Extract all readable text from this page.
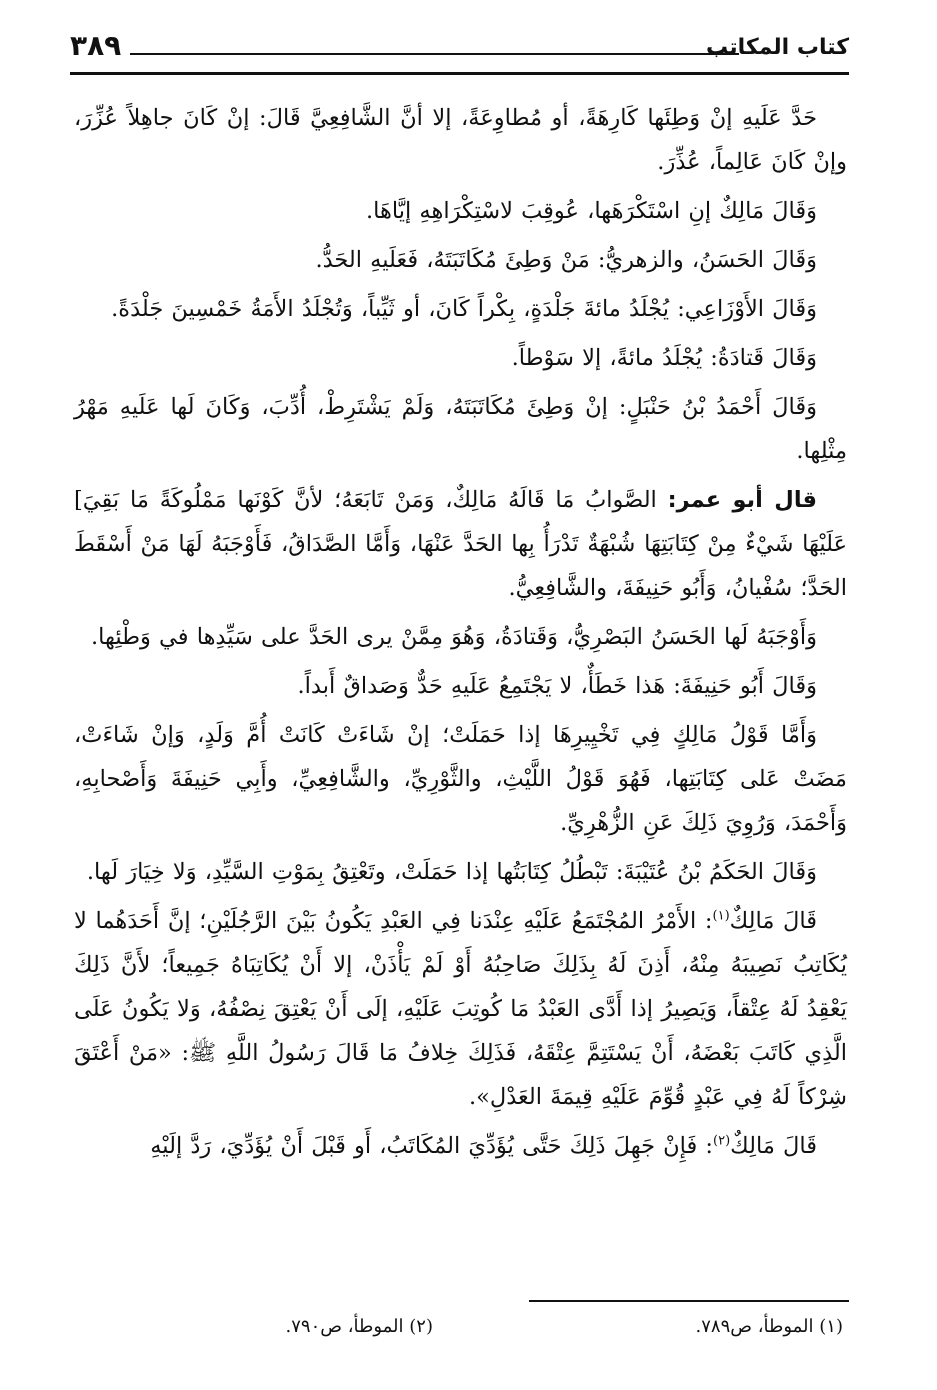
كتاب المكاتب
٣٨٩

حَدَّ عَلَيهِ إنْ وَطِئَها كَارِهَةً، أو مُطاوِعَةً، إلا أنَّ الشَّافِعِيَّ قَالَ: إنْ كَانَ جاهِلاً عُزِّرَ، وإنْ كَانَ عَالِماً، عُذِّرَ.

وَقَالَ مَالِكٌ إنِ اسْتَكْرَهَها، عُوقِبَ لاسْتِكْرَاهِهِ إيَّاهَا.

وَقَالَ الحَسَنُ، والزهريُّ: مَنْ وَطِئَ مُكَاتَبَتَهُ، فَعَلَيهِ الحَدُّ.

وَقَالَ الأَوْزَاعِي: يُجْلَدُ مائةَ جَلْدَةٍ، بِكْراً كَانَ، أو ثَيِّباً، وَتُجْلَدُ الأَمَةُ خَمْسِينَ جَلْدَةً.

وَقَالَ قَتادَةُ: يُجْلَدُ مائةً، إلا سَوْطاً.

وَقَالَ أَحْمَدُ بْنُ حَنْبَلٍ: إنْ وَطِئَ مُكَاتَبَتَهُ، وَلَمْ يَشْتَرِطْ، أُدِّبَ، وَكَانَ لَها عَلَيهِ مَهْرُ مِثْلِها.

قال أبو عمر: الصَّوابُ مَا قَالَهُ مَالِكٌ، وَمَنْ تَابَعَهُ؛ لأنَّ كَوْنَها مَمْلُوكَةً مَا بَقِيَ] عَلَيْهَا شَيْءٌ مِنْ كِتَابَتِهَا شُبْهَةٌ تَدْرَأُ بِها الحَدَّ عَنْهَا، وَأَمَّا الصَّدَاقُ، فَأَوْجَبَهُ لَهَا مَنْ أَسْقَطَ الحَدَّ؛ سُفْيانُ، وَأَبُو حَنِيفَةَ، والشَّافِعِيُّ.

وَأَوْجَبَهُ لَها الحَسَنُ البَصْرِيُّ، وَقَتادَةُ، وَهُوَ مِمَّنْ يرى الحَدَّ على سَيِّدِها في وَطْئِها.

وَقَالَ أَبُو حَنِيفَةَ: هَذا خَطَأٌ، لا يَجْتَمِعُ عَلَيهِ حَدٌّ وَصَداقٌ أَبداً.

وَأَمَّا قَوْلُ مَالِكٍ فِي تَخْيِيرِهَا إذا حَمَلَتْ؛ إنْ شَاءَتْ كَانَتْ أُمَّ وَلَدٍ، وَإنْ شَاءَتْ، مَضَتْ عَلى كِتَابَتِها، فَهُوَ قَوْلُ اللَّيْثِ، والثَّوْرِيِّ، والشَّافِعِيِّ، وأَبِي حَنِيفَةَ وَأَصْحابِهِ، وَأَحْمَدَ، وَرُوِيَ ذَلِكَ عَنِ الزُّهْرِيِّ.

وَقَالَ الحَكَمُ بْنُ عُتَيْبَةَ: تَبْطُلُ كِتَابَتُها إذا حَمَلَتْ، وتَعْتِقُ بِمَوْتِ السَّيِّدِ، وَلا خِيَارَ لَها.

قَالَ مَالِكٌ$^{(١)}$: الأَمْرُ المُجْتَمَعُ عَلَيْهِ عِنْدَنا فِي العَبْدِ يَكُونُ بَيْنَ الرَّجُلَيْنِ؛ إنَّ أَحَدَهُما لا يُكَاتِبُ نَصِيبَهُ مِنْهُ، أَذِنَ لَهُ بِذَلِكَ صَاحِبُهُ أَوْ لَمْ يَأْذَنْ، إلا أَنْ يُكَاتِبَاهُ جَمِيعاً؛ لأَنَّ ذَلِكَ يَعْقِدُ لَهُ عِتْقاً، وَيَصِيرُ إذا أَدَّى العَبْدُ مَا كُوتِبَ عَلَيْهِ، إلَى أَنْ يَعْتِقَ نِصْفُهُ، وَلا يَكُونُ عَلَى الَّذِي كَاتَبَ بَعْضَهُ، أَنْ يَسْتَتِمَّ عِتْقَهُ، فَذَلِكَ خِلافُ مَا قَالَ رَسُولُ اللَّهِ ﷺ: «مَنْ أَعْتَقَ شِرْكاً لَهُ فِي عَبْدٍ قُوِّمَ عَلَيْهِ قِيمَةَ العَدْلِ».

قَالَ مَالِكٌ$^{(٢)}$: فَإِنْ جَهِلَ ذَلِكَ حَتَّى يُؤَدِّيَ المُكَاتَبُ، أَو قَبْلَ أَنْ يُؤَدِّيَ، رَدَّ إلَيْهِ

(١) الموطأ، ص٧٨٩.
(٢) الموطأ، ص٧٩٠.
